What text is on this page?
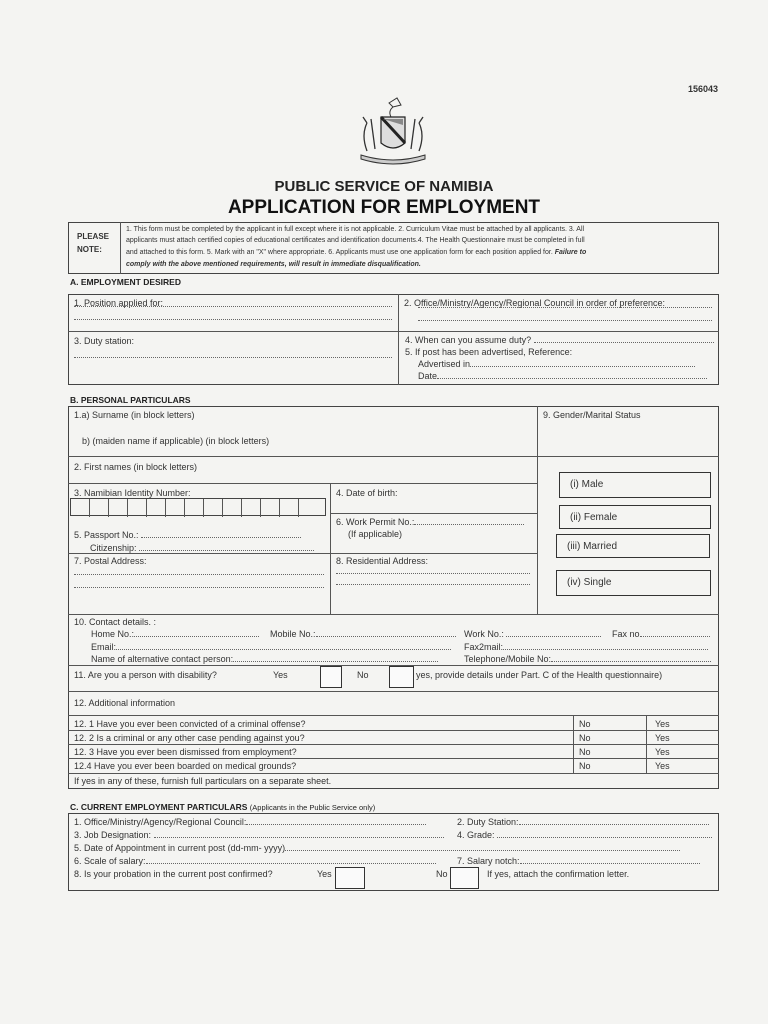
156043
PUBLIC SERVICE OF NAMIBIA
APPLICATION FOR EMPLOYMENT
PLEASE
NOTE:
1. This form must be completed by the applicant in full except where it is not applicable. 2. Curriculum Vitae must be attached by all applicants. 3. All
applicants must attach certified copies of educational certificates and identification documents.4. The Health Questionnaire must be completed in full
and attached to this form. 5. Mark with an "X" where appropriate. 6. Applicants must use one application form for each position applied for. Failure to
comply with the above mentioned requirements, will result in immediate disqualification.
A. EMPLOYMENT DESIRED
1. Position applied for:
3. Duty station:
2. Office/Ministry/Agency/Regional Council in order of preference:
4. When can you assume duty?
5. If post has been advertised, Reference:
Advertised in
Date
B. PERSONAL PARTICULARS
1.a) Surname (in block letters)
b) (maiden name if applicable) (in block letters)
9. Gender/Marital Status
2. First names (in block letters)
3. Namibian Identity Number:	4. Date of birth:
5. Passport No.:
Citizenship:
6. Work Permit No.:
(If applicable)
7. Postal Address:	8. Residential Address:
(i) Male
(ii) Female
(iii) Married
(iv) Single
10. Contact details. :
Home No.:	Mobile No.:	Work No.:	Fax no
Email:	Fax2mail:
Name of alternative contact person:	Telephone/Mobile No:
11. Are you a person with disability?	Yes	No	yes, provide details under Part. C of the Health questionnaire)
12. Additional information
12. 1 Have you ever been convicted of a criminal offense?	No	Yes
12. 2 Is a criminal or any other case pending against you?	No	Yes
12. 3 Have you ever been dismissed from employment?	No	Yes
12.4 Have you ever been boarded on medical grounds?	No	Yes
If yes in any of these, furnish full particulars on a separate sheet.
C. CURRENT EMPLOYMENT PARTICULARS (Applicants in the Public Service only)
1. Office/Ministry/Agency/Regional Council:	2. Duty Station:
3. Job Designation:	4. Grade:
5. Date of Appointment in current post (dd-mm- yyyy)
6. Scale of salary:	7. Salary notch:
8. Is your probation in the current post confirmed?	Yes	No	If yes, attach the confirmation letter.
